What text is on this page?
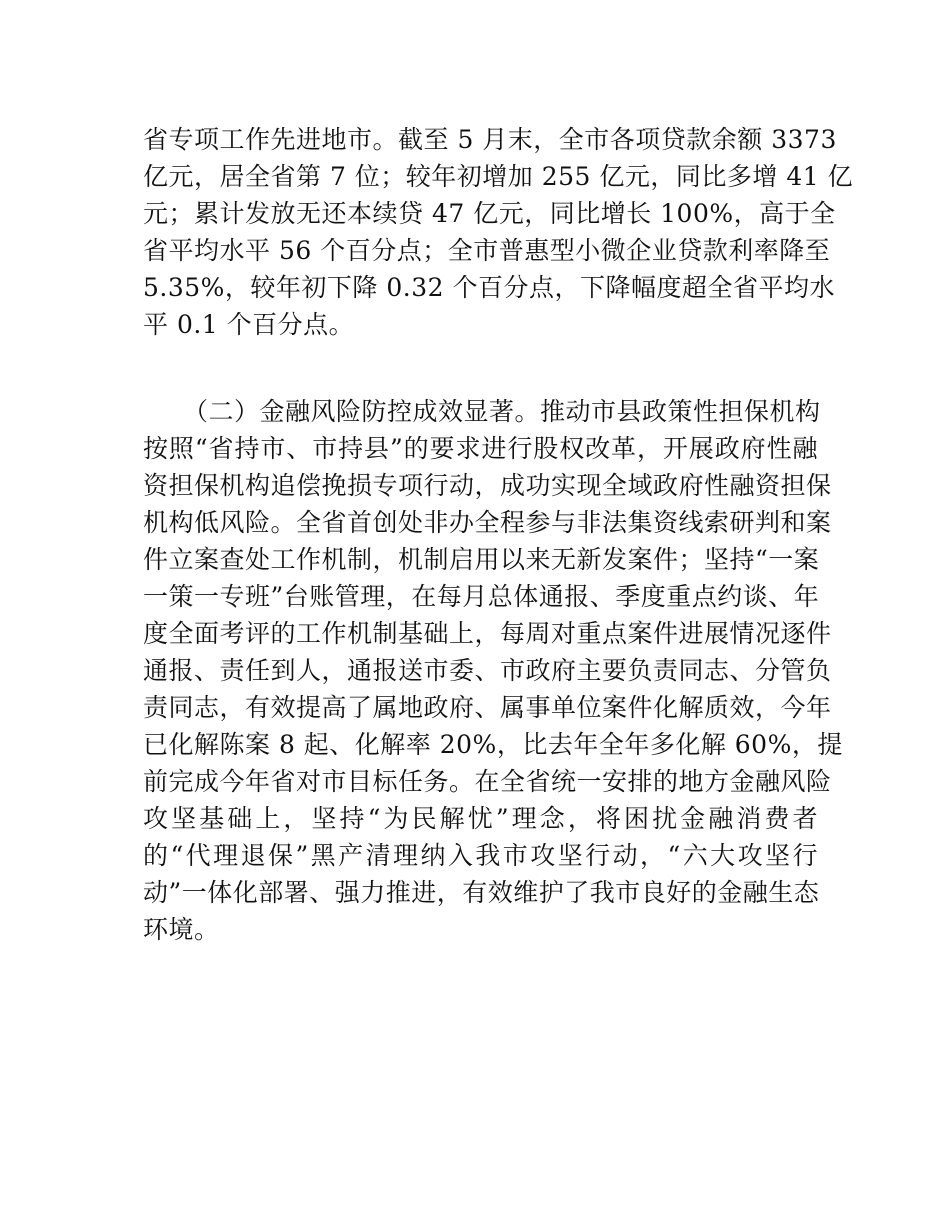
省专项工作先进地市。截至 5 月末，全市各项贷款余额 3373
亿元，居全省第 7 位；较年初增加 255 亿元，同比多增 41 亿
元；累计发放无还本续贷 47 亿元，同比增长 100%，高于全
省平均水平 56 个百分点；全市普惠型小微企业贷款利率降至
5.35%，较年初下降 0.32 个百分点，下降幅度超全省平均水
平 0.1 个百分点。
（二）金融风险防控成效显著。推动市县政策性担保机构
按照“省持市、市持县”的要求进行股权改革，开展政府性融
资担保机构追偿挽损专项行动，成功实现全域政府性融资担保
机构低风险。全省首创处非办全程参与非法集资线索研判和案
件立案查处工作机制，机制启用以来无新发案件；坚持“一案
一策一专班”台账管理，在每月总体通报、季度重点约谈、年
度全面考评的工作机制基础上，每周对重点案件进展情况逐件
通报、责任到人，通报送市委、市政府主要负责同志、分管负
责同志，有效提高了属地政府、属事单位案件化解质效，今年
已化解陈案 8 起、化解率 20%，比去年全年多化解 60%，提
前完成今年省对市目标任务。在全省统一安排的地方金融风险
攻坚基础上，坚持“为民解忧”理念，将困扰金融消费者
的“代理退保”黑产清理纳入我市攻坚行动，“六大攻坚行
动”一体化部署、强力推进，有效维护了我市良好的金融生态
环境。
